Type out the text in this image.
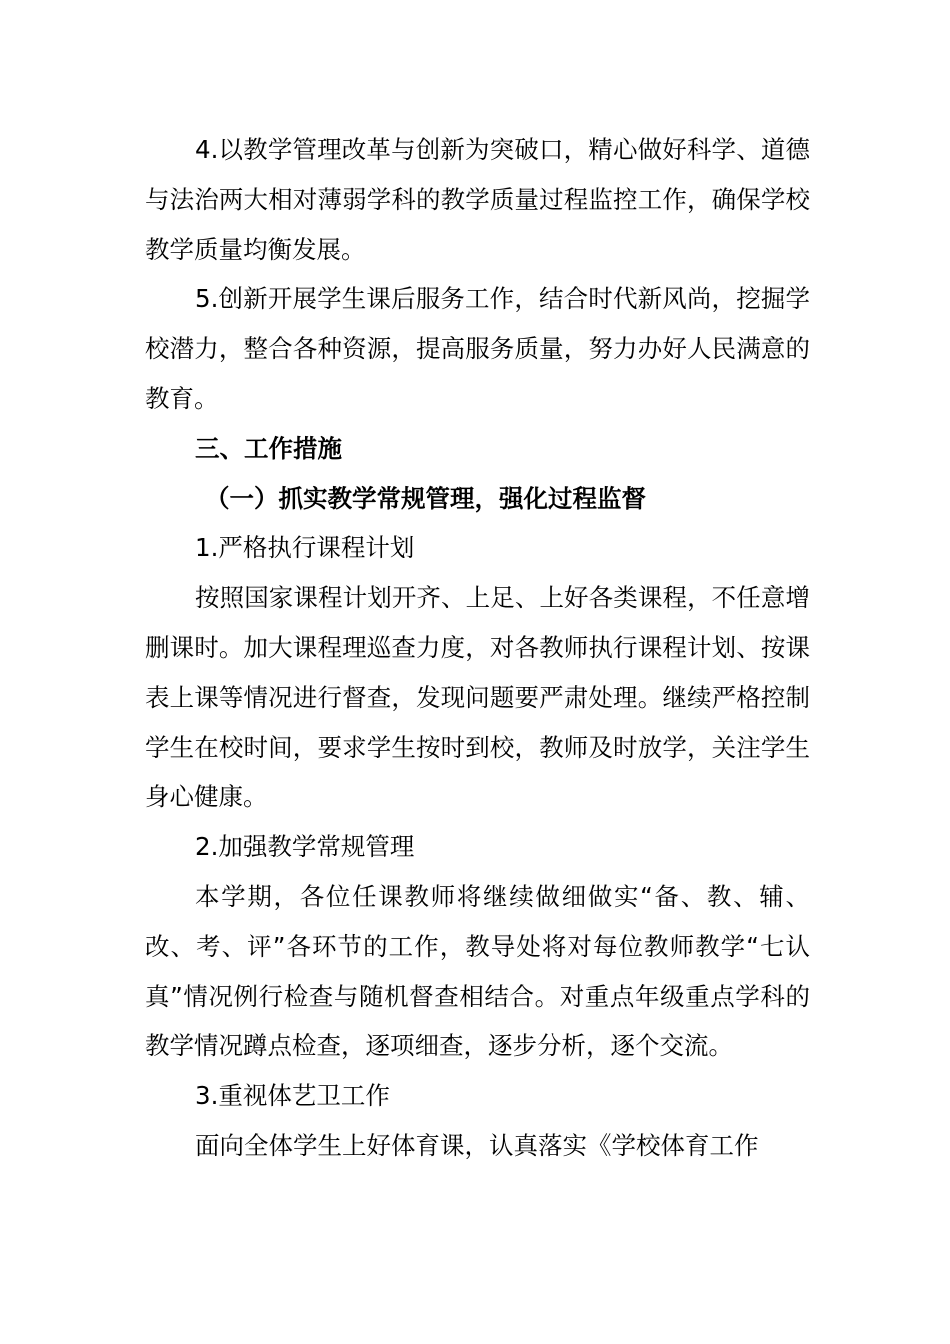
4.以教学管理改革与创新为突破口，精心做好科学、道德与法治两大相对薄弱学科的教学质量过程监控工作，确保学校教学质量均衡发展。

5.创新开展学生课后服务工作，结合时代新风尚，挖掘学校潜力，整合各种资源，提高服务质量，努力办好人民满意的教育。

三、工作措施

（一）抓实教学常规管理，强化过程监督

1.严格执行课程计划

按照国家课程计划开齐、上足、上好各类课程，不任意增删课时。加大课程理巡查力度，对各教师执行课程计划、按课表上课等情况进行督查，发现问题要严肃处理。继续严格控制学生在校时间，要求学生按时到校，教师及时放学，关注学生身心健康。

2.加强教学常规管理

本学期，各位任课教师将继续做细做实“备、教、辅、改、考、评”各环节的工作，教导处将对每位教师教学“七认真”情况例行检查与随机督查相结合。对重点年级重点学科的教学情况蹲点检查，逐项细查，逐步分析，逐个交流。

3.重视体艺卫工作

面向全体学生上好体育课，认真落实《学校体育工作
